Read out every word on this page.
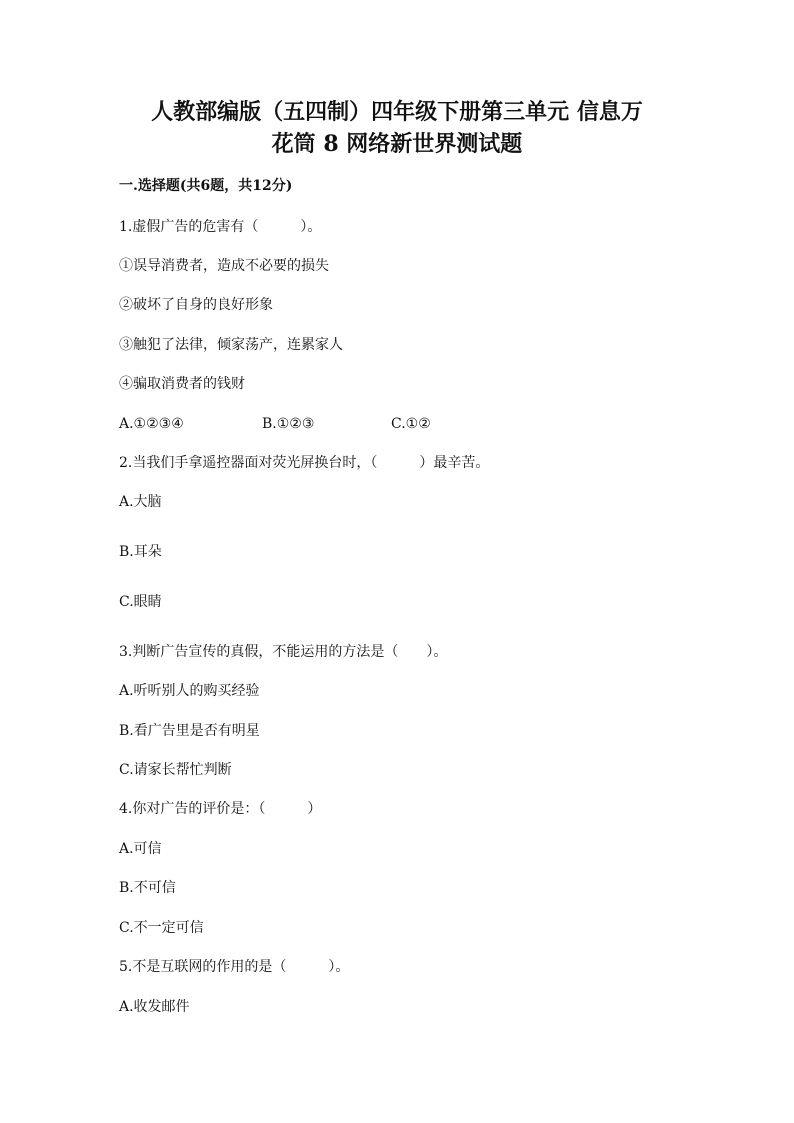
人教部编版（五四制）四年级下册第三单元 信息万
花筒 8 网络新世界测试题
一.选择题(共6题，共12分)
1.虚假广告的危害有（　　　）。
①误导消费者，造成不必要的损失
②破坏了自身的良好形象
③触犯了法律，倾家荡产，连累家人
④骗取消费者的钱财
A.①②③④	B.①②③	C.①②
2.当我们手拿遥控器面对荧光屏换台时，（　　　）最辛苦。
A.大脑
B.耳朵
C.眼睛
3.判断广告宣传的真假，不能运用的方法是（　　）。
A.听听别人的购买经验
B.看广告里是否有明星
C.请家长帮忙判断
4.你对广告的评价是：（　　　）
A.可信
B.不可信
C.不一定可信
5.不是互联网的作用的是（　　　）。
A.收发邮件
